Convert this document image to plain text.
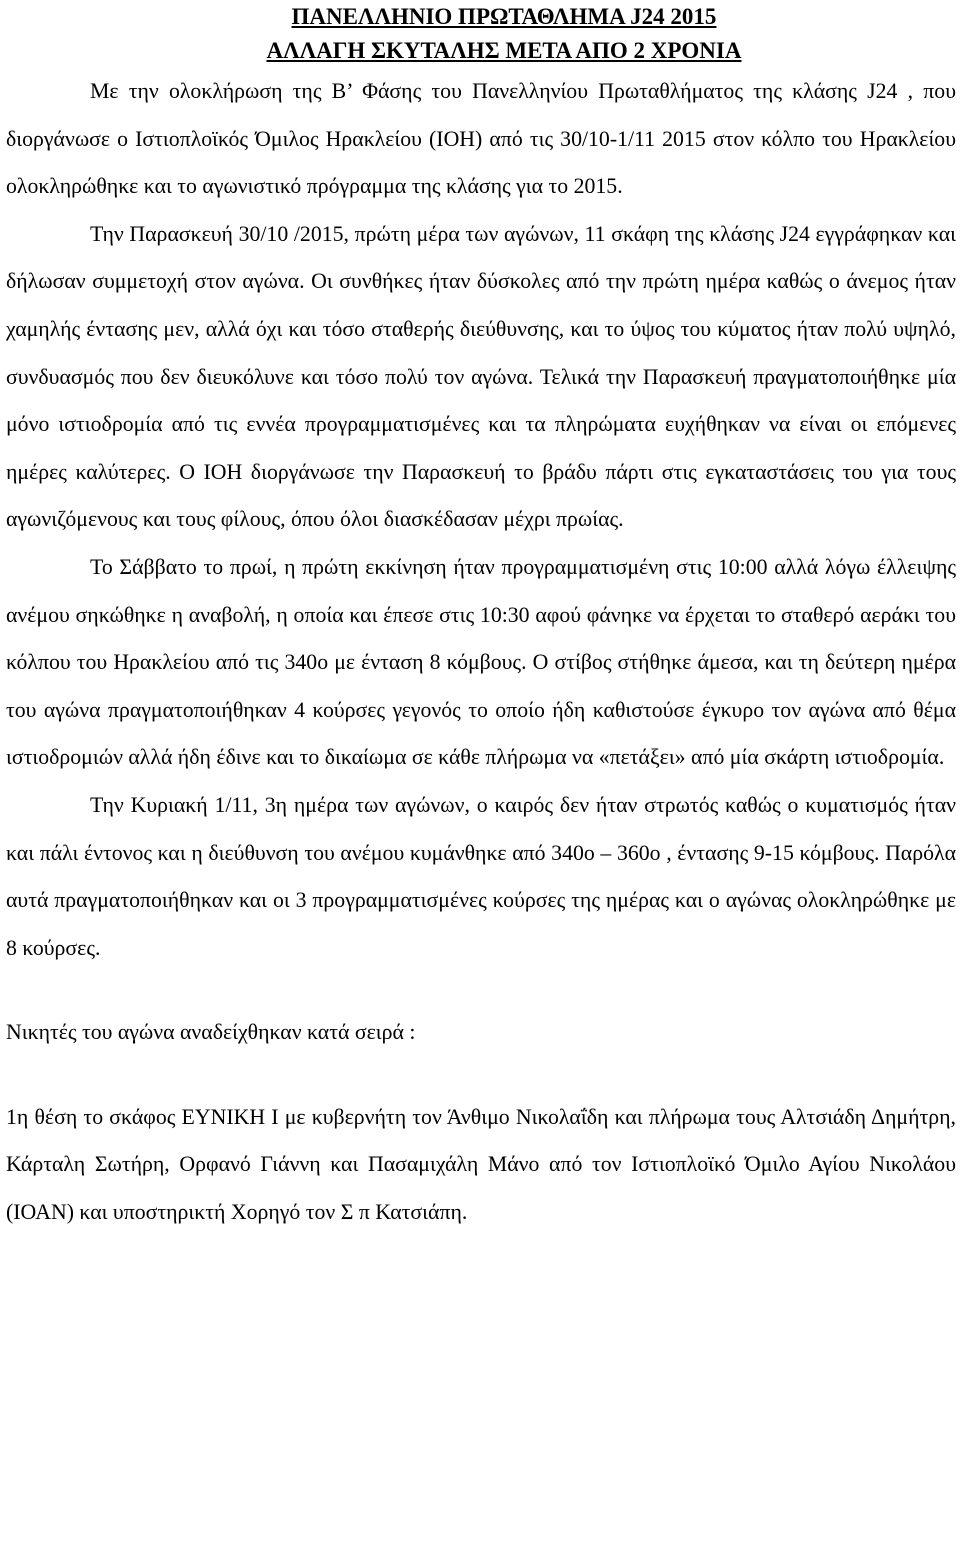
ΠΑΝΕΛΛΗΝΙΟ ΠΡΩΤΑΘΛΗΜΑ J24 2015
ΑΛΛΑΓΗ ΣΚΥΤΑΛΗΣ ΜΕΤΑ ΑΠΟ 2 ΧΡΟΝΙΑ

Με την ολοκλήρωση της Β’ Φάσης του Πανελληνίου Πρωταθλήματος της κλάσης J24 , που διοργάνωσε ο Ιστιοπλοϊκός Όμιλος Ηρακλείου (ΙΟΗ) από τις 30/10-1/11 2015 στον κόλπο του Ηρακλείου ολοκληρώθηκε και το αγωνιστικό πρόγραμμα της κλάσης για το 2015.

Την Παρασκευή 30/10 /2015, πρώτη μέρα των αγώνων, 11 σκάφη της κλάσης J24 εγγράφηκαν και δήλωσαν συμμετοχή στον αγώνα. Οι συνθήκες ήταν δύσκολες από την πρώτη ημέρα καθώς ο άνεμος ήταν χαμηλής έντασης μεν, αλλά όχι και τόσο σταθερής διεύθυνσης, και το ύψος του κύματος ήταν πολύ υψηλό, συνδυασμός που δεν διευκόλυνε και τόσο πολύ τον αγώνα. Τελικά την Παρασκευή πραγματοποιήθηκε μία μόνο ιστιοδρομία από τις εννέα προγραμματισμένες και τα πληρώματα ευχήθηκαν να είναι οι επόμενες ημέρες καλύτερες. Ο ΙΟΗ διοργάνωσε την Παρασκευή το βράδυ πάρτι στις εγκαταστάσεις του για τους αγωνιζόμενους και τους φίλους, όπου όλοι διασκέδασαν μέχρι πρωίας.

Το Σάββατο το πρωί, η πρώτη εκκίνηση ήταν προγραμματισμένη στις 10:00 αλλά λόγω έλλειψης ανέμου σηκώθηκε η αναβολή, η οποία και έπεσε στις 10:30 αφού φάνηκε να έρχεται το σταθερό αεράκι του κόλπου του Ηρακλείου από τις 340ο με ένταση 8 κόμβους. Ο στίβος στήθηκε άμεσα, και τη δεύτερη ημέρα του αγώνα πραγματοποιήθηκαν 4 κούρσες γεγονός το οποίο ήδη καθιστούσε έγκυρο τον αγώνα από θέμα ιστιοδρομιών αλλά ήδη έδινε και το δικαίωμα σε κάθε πλήρωμα να «πετάξει» από μία σκάρτη ιστιοδρομία.

Την Κυριακή 1/11, 3η ημέρα των αγώνων, ο καιρός δεν ήταν στρωτός καθώς ο κυματισμός ήταν και πάλι έντονος και η διεύθυνση του ανέμου κυμάνθηκε από 340ο – 360ο , έντασης 9-15 κόμβους. Παρόλα αυτά πραγματοποιήθηκαν και οι 3 προγραμματισμένες κούρσες της ημέρας και ο αγώνας ολοκληρώθηκε με 8 κούρσες.

Νικητές του αγώνα αναδείχθηκαν κατά σειρά :

1η θέση το σκάφος ΕΥΝΙΚΗ Ι με κυβερνήτη τον Άνθιμο Νικολαΐδη και πλήρωμα τους Αλτσιάδη Δημήτρη, Κάρταλη Σωτήρη, Ορφανό Γιάννη και Πασαμιχάλη Μάνο από τον Ιστιοπλοϊκό Όμιλο Αγίου Νικολάου (ΙΟΑΝ) και υποστηρικτή Χορηγό τον Σ π Κατσιάπη.
